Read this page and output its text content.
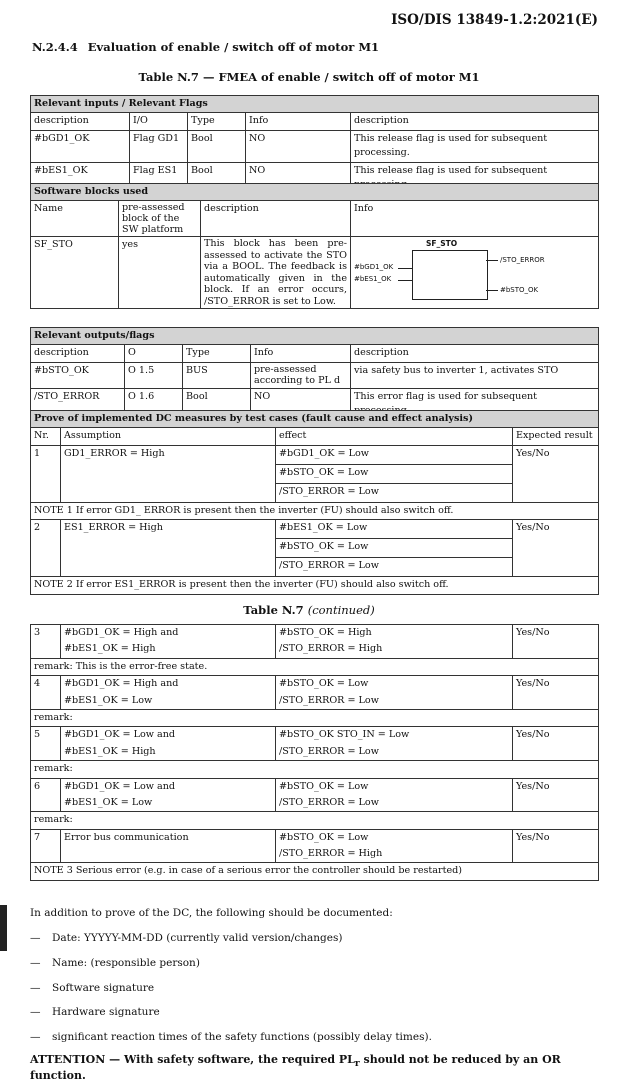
ISO/DIS 13849-1.2:2021(E)
N.2.4.4 Evaluation of enable / switch off of motor M1
Table N.7 — FMEA of enable / switch off of motor M1
Relevant inputs / Relevant Flags				
description	I/O	Type	Info	description
#bGD1_OK	Flag GD1	Bool	NO	This release flag is used for subsequent processing.
#bES1_OK	Flag ES1	Bool	NO	This release flag is used for subsequent
Software blocks used			
Name	pre-assessed block of the SW platform	description	Info
SF_STO	yes	This block has been pre-assessed to activate the STO via a BOOL. The feedback is automatically given in the block. If an error occurs, /STO_ERROR is set to Low.	SF_STO
#bGD1_OK
#bES1_OK
/STO_ERROR
#bSTO_OK
Relevant outputs/flags				
description	O	Type	Info	description
#bSTO_OK	O 1.5	BUS	pre-assessed according to PL d	via safety bus to inverter 1, activates STO
/STO_ERROR	O 1.6	Bool	NO	This error flag is used for subsequent
Prove of implemented DC measures by test cases (fault cause and effect analysis)			
Nr.	Assumption	effect	Expected result
1	GD1_ERROR = High	#bGD1_OK = Low	Yes/No
		#bSTO_OK = Low	
		/STO_ERROR = Low	
NOTE 1 If error GD1_ ERROR is present then the inverter (FU) should also switch off.			
2	ES1_ERROR = High	#bES1_OK = Low	Yes/No
		#bSTO_OK = Low	
		/STO_ERROR = Low	
NOTE 2 If error ES1_ERROR is present then the inverter (FU) should also switch off.			
Table N.7 (continued)
3	#bGD1_OK = High and	#bSTO_OK = High	Yes/No
	#bES1_OK = High	/STO_ERROR = High	
remark: This is the error-free state.			
4	#bGD1_OK = High and	#bSTO_OK = Low	Yes/No
	#bES1_OK = Low	/STO_ERROR = Low	
remark:			
5	#bGD1_OK = Low and	#bSTO_OK STO_IN = Low	Yes/No
	#bES1_OK = High	/STO_ERROR = Low	
remark:			
6	#bGD1_OK = Low and	#bSTO_OK = Low	Yes/No
	#bES1_OK = Low	/STO_ERROR = Low	
remark:			
7	Error bus communication	#bSTO_OK = Low	Yes/No
		/STO_ERROR = High	
NOTE 3 Serious error (e.g. in case of a serious error the controller should be restarted)			
In addition to prove of the DC, the following should be documented:
— Date: YYYYY-MM-DD (currently valid version/changes)
— Name: (responsible person)
— Software signature
— Hardware signature
— significant reaction times of the safety functions (possibly delay times).
ATTENTION — With safety software, the required $PL_r$ should not be reduced by an OR function.
